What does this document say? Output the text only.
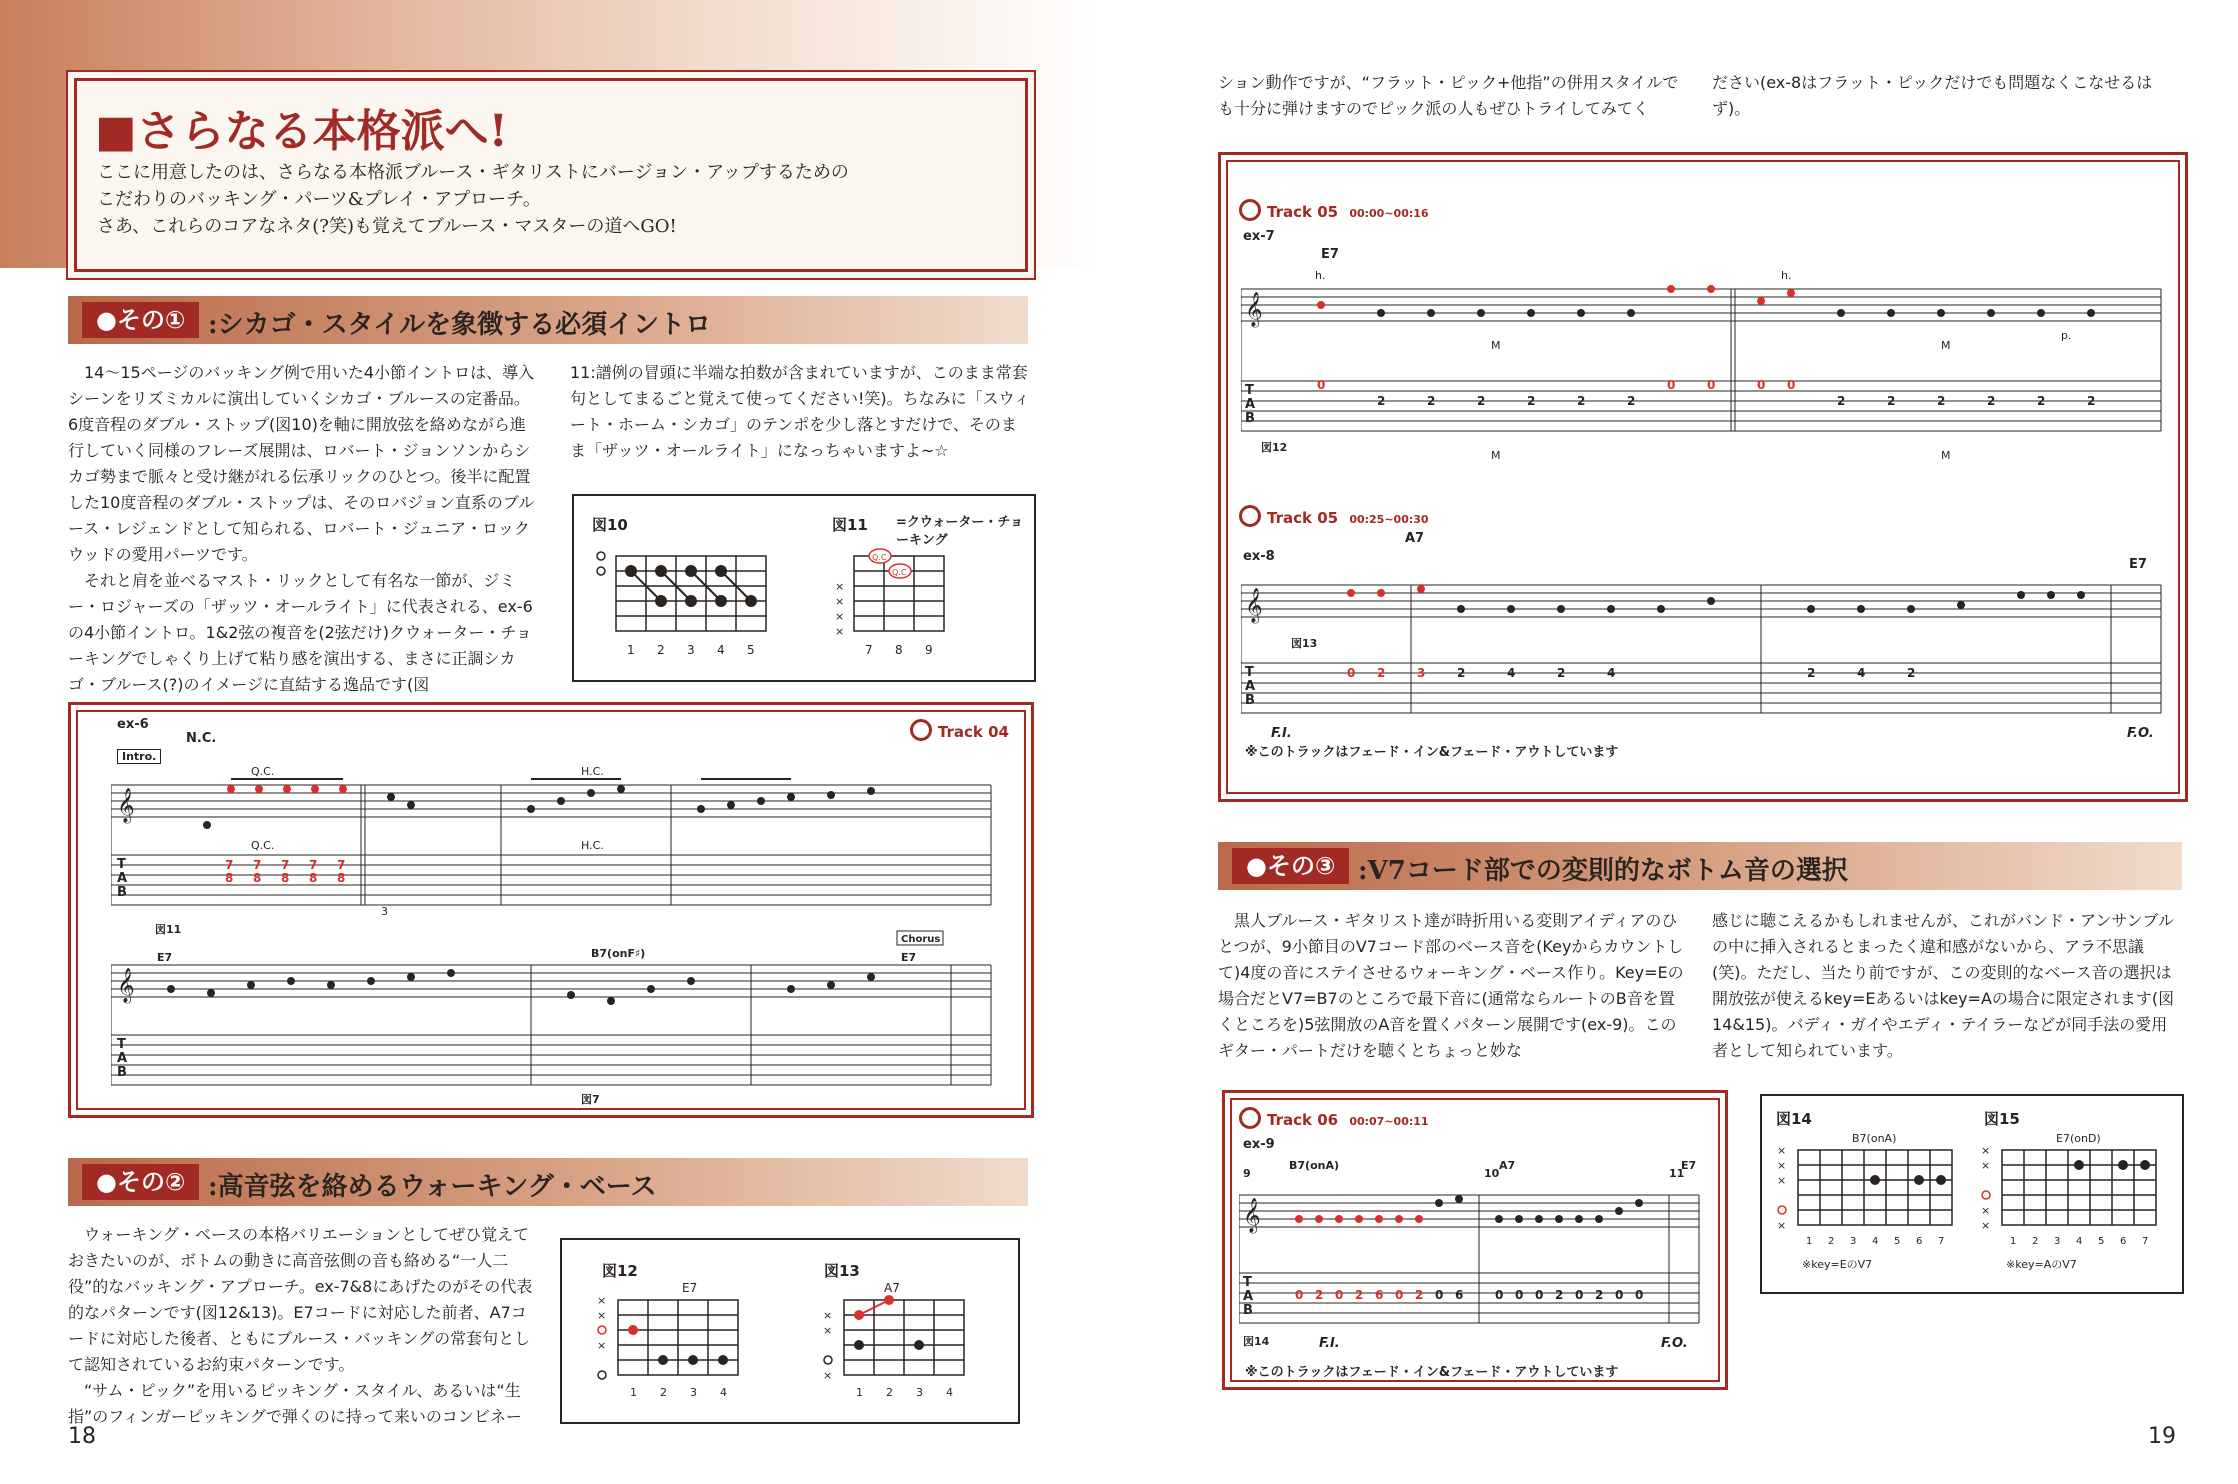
■さらなる本格派へ!
ここに用意したのは、さらなる本格派ブルース・ギタリストにバージョン・アップするための
こだわりのバッキング・パーツ&プレイ・アプローチ。
さあ、これらのコアなネタ(?笑)も覚えてブルース・マスターの道へGO!
●その① :シカゴ・スタイルを象徴する必須イントロ
　14～15ページのバッキング例で用いた4小節イントロは、導入シーンをリズミカルに演出していくシカゴ・ブルースの定番品。6度音程のダブル・ストップ(図10)を軸に開放弦を絡めながら進行していく同様のフレーズ展開は、ロバート・ジョンソンからシカゴ勢まで脈々と受け継がれる伝承リックのひとつ。後半に配置した10度音程のダブル・ストップは、そのロバジョン直系のブルース・レジェンドとして知られる、ロバート・ジュニア・ロックウッドの愛用パーツです。
　それと肩を並べるマスト・リックとして有名な一節が、ジミー・ロジャーズの「ザッツ・オールライト」に代表される、ex-6の4小節イントロ。1&2弦の複音を(2弦だけ)クウォーター・チョーキングでしゃくり上げて粘り感を演出する、まさに正調シカゴ・ブルース(?)のイメージに直結する逸品です(図
11:譜例の冒頭に半端な拍数が含まれていますが、このまま常套句としてまるごと覚えて使ってください!笑)。ちなみに「スウィート・ホーム・シカゴ」のテンポを少し落とすだけで、そのまま「ザッツ・オールライト」になっちゃいますよ~☆
図10
1 2 3 4 5
図11 =クウォーター・チョーキング
×
×
×
×
Q.C
Q.C
7 8 9
Track 04
ex-6
N.C.
Intro.
𝄞
𝄞
T
A
B
T
A
B
7
8
7
8
7
8
7
8
7
8
Q.C.
Q.C.
H.C.
H.C.
3
図11
図7
E7	B7(onF♯)	E7
Chorus
●その② :高音弦を絡めるウォーキング・ベース
　ウォーキング・ベースの本格バリエーションとしてぜひ覚えておきたいのが、ボトムの動きに高音弦側の音も絡める“一人二役”的なバッキング・アプローチ。ex-7&8にあげたのがその代表的なパターンです(図12&13)。E7コードに対応した前者、A7コードに対応した後者、ともにブルース・バッキングの常套句として認知されているお約束パターンです。
　“サム・ピック”を用いるピッキング・スタイル、あるいは“生指”のフィンガーピッキングで弾くのに持って来いのコンビネー
図12
E7
×
×
×
1 2 3 4
図13
A7
×
×
×
1 2 3 4
18
ション動作ですが、“フラット・ピック+他指”の併用スタイルでも十分に弾けますのでピック派の人もぜひトライしてみてく
ださい(ex-8はフラット・ピックだけでも問題なくこなせるはず)。
Track 05 00:00~00:16
ex-7
E7
𝄞
T
A
B
2	2	2	2	2	2	2	2	2	2	2	2
0	0	0	0 0
M	M
M	M
h.	h.
p.
図12
Track 05 00:25~00:30
ex-8
A7
E7
𝄞
T
A
B
0 2	3	2	4	2	4	2	4	2
F.I.	F.O.
図13
※このトラックはフェード・イン&フェード・アウトしています
●その③ :V7コード部での変則的なボトム音の選択
　黒人ブルース・ギタリスト達が時折用いる変則アイディアのひとつが、9小節目のV7コード部のベース音を(Keyからカウントして)4度の音にステイさせるウォーキング・ベース作り。Key=Eの場合だとV7=B7のところで最下音に(通常ならルートのB音を置くところを)5弦開放のA音を置くパターン展開です(ex-9)。このギター・パートだけを聴くとちょっと妙な
感じに聴こえるかもしれませんが、これがバンド・アンサンブルの中に挿入されるとまったく違和感がないから、アラ不思議(笑)。ただし、当たり前ですが、この変則的なベース音の選択は開放弦が使えるkey=Eあるいはkey=Aの場合に限定されます(図14&15)。バディ・ガイやエディ・テイラーなどが同手法の愛用者として知られています。
Track 06 00:07~00:11
ex-9
9
B7(onA)
10
A7
11
E7
𝄞
T
A
B
0 2 0 2 6 0 2 0 6	0 0 0 2 0 2 0 0
F.I.	F.O.
図14
※このトラックはフェード・イン&フェード・アウトしています
図14
B7(onA)
×
×
×
×
1 2 3 4 5 6 7
※key=EのV7
図15
E7(onD)
×
×
×
×
1 2 3 4 5 6 7
※key=AのV7
19
